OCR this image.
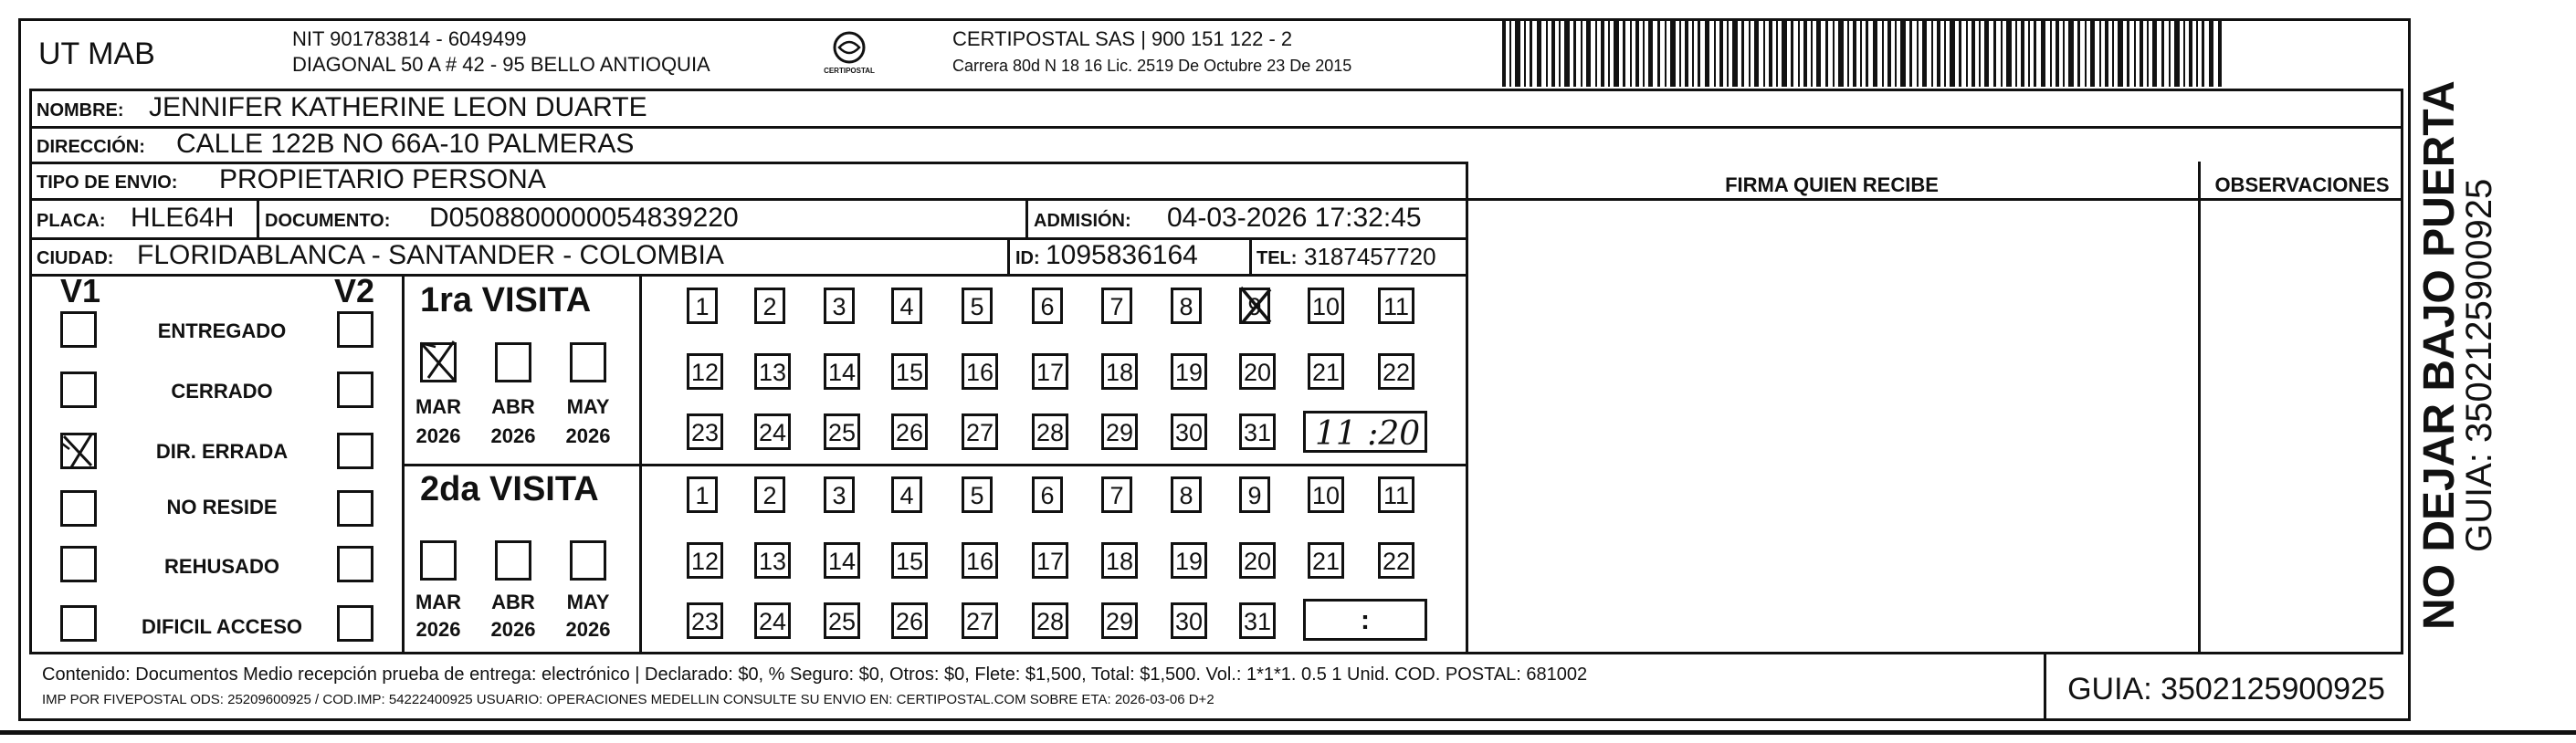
UT MAB	NIT 901783814 - 6049499
DIAGONAL 50 A # 42 - 95 BELLO ANTIOQUIA	CERTIPOSTAL
CERTIPOSTAL SAS | 900 151 122 - 2
Carrera 80d N 18 16 Lic. 2519 De Octubre 23 De 2015
NOMBRE: JENNIFER KATHERINE LEON DUARTE
DIRECCIÓN: CALLE 122B NO 66A-10 PALMERAS
TIPO DE ENVIO: PROPIETARIO PERSONA
PLACA: HLE64H DOCUMENTO: D0508800000054839220	ADMISIÓN: 04-03-2026 17:32:45
CIUDAD: FLORIDABLANCA - SANTANDER - COLOMBIA	ID: 1095836164	TEL: 3187457720
FIRMA QUIEN RECIBE	OBSERVACIONES
V1	V2
ENTREGADO
CERRADO
DIR. ERRADA
NO RESIDE
REHUSADO
DIFICIL ACCESO
1ra VISITA
MAR	ABR	MAY
2026	2026	2026
1	2	3	4	5	6	7	8	9	10 11
12 13 14 15 16 17 18 19 20 21 22
23 24 25 26 27 28 29 30 31 11 :20
2da VISITA
MAR	ABR	MAY
2026	2026	2026
1	2	3	4	5	6	7	8	9	10 11
12 13 14 15 16 17 18 19 20 21 22
23 24 25 26 27 28 29 30 31	:
Contenido: Documentos Medio recepción prueba de entrega: electrónico | Declarado: $0, % Seguro: $0, Otros: $0, Flete: $1,500, Total: $1,500. Vol.: 1*1*1. 0.5 1 Unid. COD. POSTAL: 681002
IMP POR FIVEPOSTAL ODS: 25209600925 / COD.IMP: 54222400925 USUARIO: OPERACIONES MEDELLIN CONSULTE SU ENVIO EN: CERTIPOSTAL.COM SOBRE ETA: 2026-03-06 D+2	GUIA: 3502125900925
NO DEJAR BAJO PUERTA
GUIA: 3502125900925
